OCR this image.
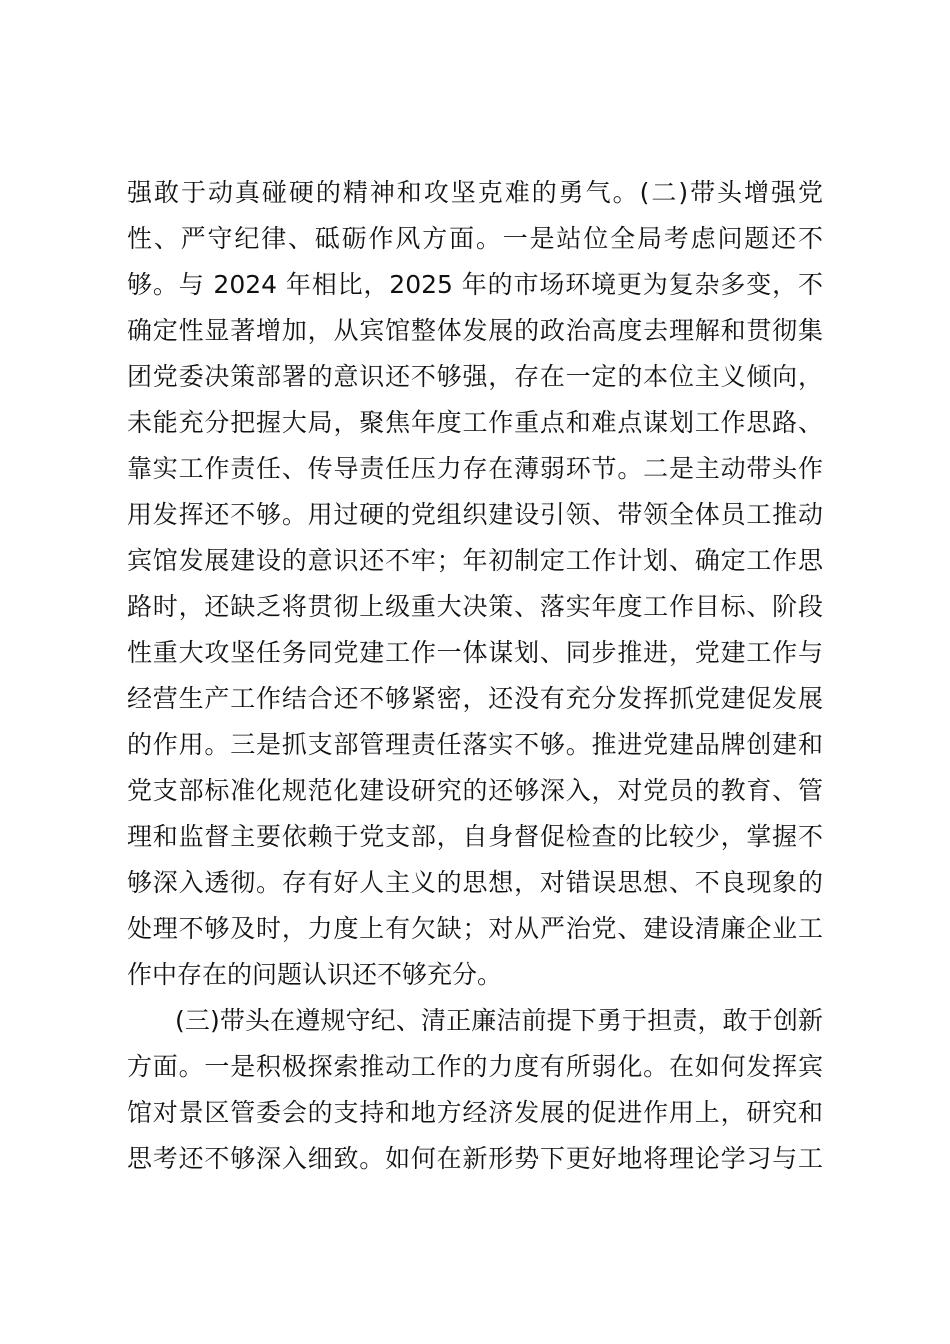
强敢于动真碰硬的精神和攻坚克难的勇气。(二)带头增强党
性、严守纪律、砥砺作风方面。一是站位全局考虑问题还不
够。与 2024 年相比，2025 年的市场环境更为复杂多变，不
确定性显著增加，从宾馆整体发展的政治高度去理解和贯彻集
团党委决策部署的意识还不够强，存在一定的本位主义倾向，
未能充分把握大局，聚焦年度工作重点和难点谋划工作思路、
靠实工作责任、传导责任压力存在薄弱环节。二是主动带头作
用发挥还不够。用过硬的党组织建设引领、带领全体员工推动
宾馆发展建设的意识还不牢；年初制定工作计划、确定工作思
路时，还缺乏将贯彻上级重大决策、落实年度工作目标、阶段
性重大攻坚任务同党建工作一体谋划、同步推进，党建工作与
经营生产工作结合还不够紧密，还没有充分发挥抓党建促发展
的作用。三是抓支部管理责任落实不够。推进党建品牌创建和
党支部标准化规范化建设研究的还够深入，对党员的教育、管
理和监督主要依赖于党支部，自身督促检查的比较少，掌握不
够深入透彻。存有好人主义的思想，对错误思想、不良现象的
处理不够及时，力度上有欠缺；对从严治党、建设清廉企业工
作中存在的问题认识还不够充分。
(三)带头在遵规守纪、清正廉洁前提下勇于担责，敢于创新
方面。一是积极探索推动工作的力度有所弱化。在如何发挥宾
馆对景区管委会的支持和地方经济发展的促进作用上，研究和
思考还不够深入细致。如何在新形势下更好地将理论学习与工
